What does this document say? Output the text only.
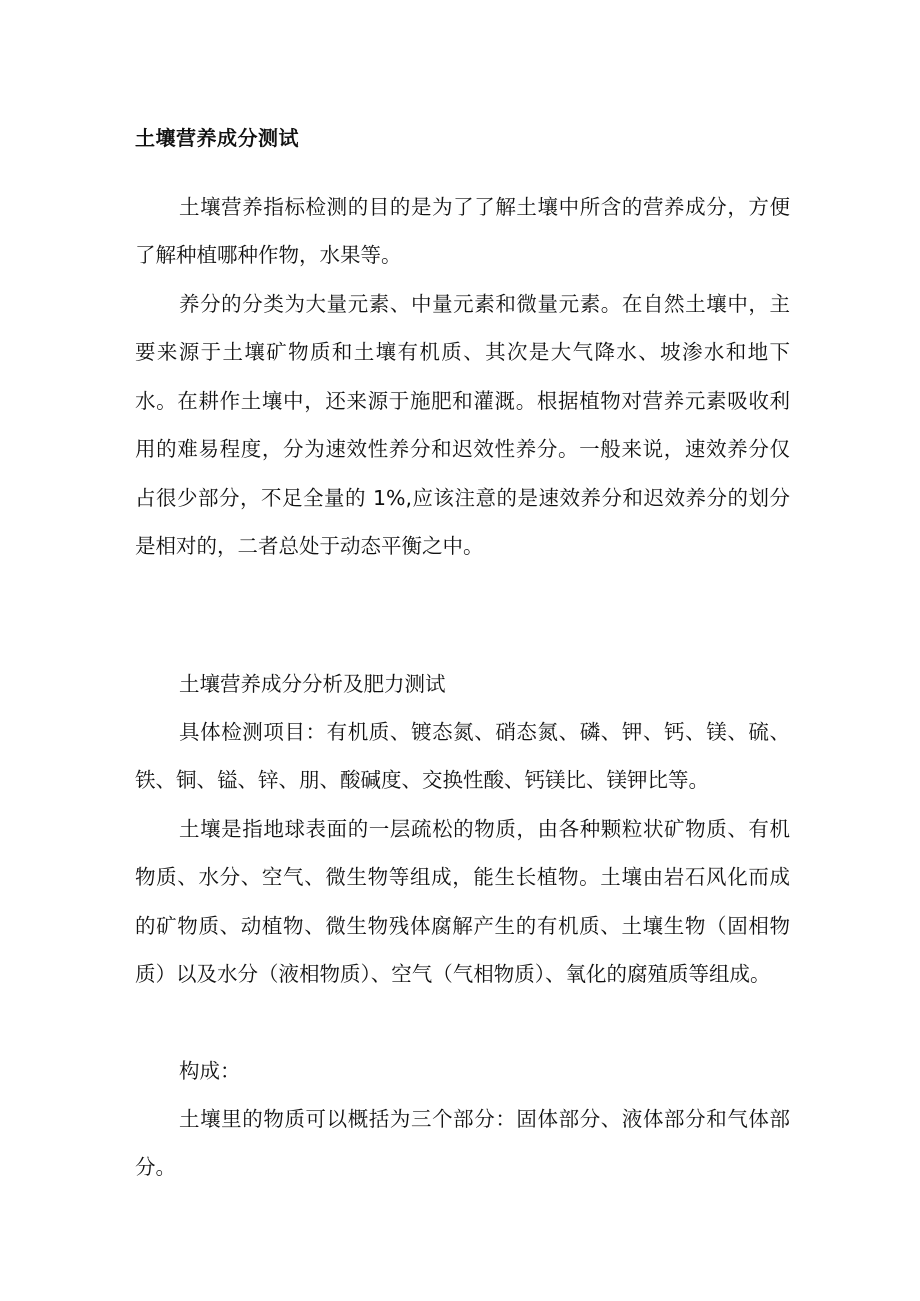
土壤营养成分测试

土壤营养指标检测的目的是为了了解土壤中所含的营养成分，方便了解种植哪种作物，水果等。

养分的分类为大量元素、中量元素和微量元素。在自然土壤中，主要来源于土壤矿物质和土壤有机质、其次是大气降水、坡渗水和地下水。在耕作土壤中，还来源于施肥和灌溉。根据植物对营养元素吸收利用的难易程度，分为速效性养分和迟效性养分。一般来说，速效养分仅占很少部分，不足全量的 1%,应该注意的是速效养分和迟效养分的划分是相对的，二者总处于动态平衡之中。

土壤营养成分分析及肥力测试

具体检测项目：有机质、镀态氮、硝态氮、磷、钾、钙、镁、硫、铁、铜、镒、锌、朋、酸碱度、交换性酸、钙镁比、镁钾比等。

土壤是指地球表面的一层疏松的物质，由各种颗粒状矿物质、有机物质、水分、空气、微生物等组成，能生长植物。土壤由岩石风化而成的矿物质、动植物、微生物残体腐解产生的有机质、土壤生物（固相物质）以及水分（液相物质）、空气（气相物质）、氧化的腐殖质等组成。

构成：

土壤里的物质可以概括为三个部分：固体部分、液体部分和气体部分。
